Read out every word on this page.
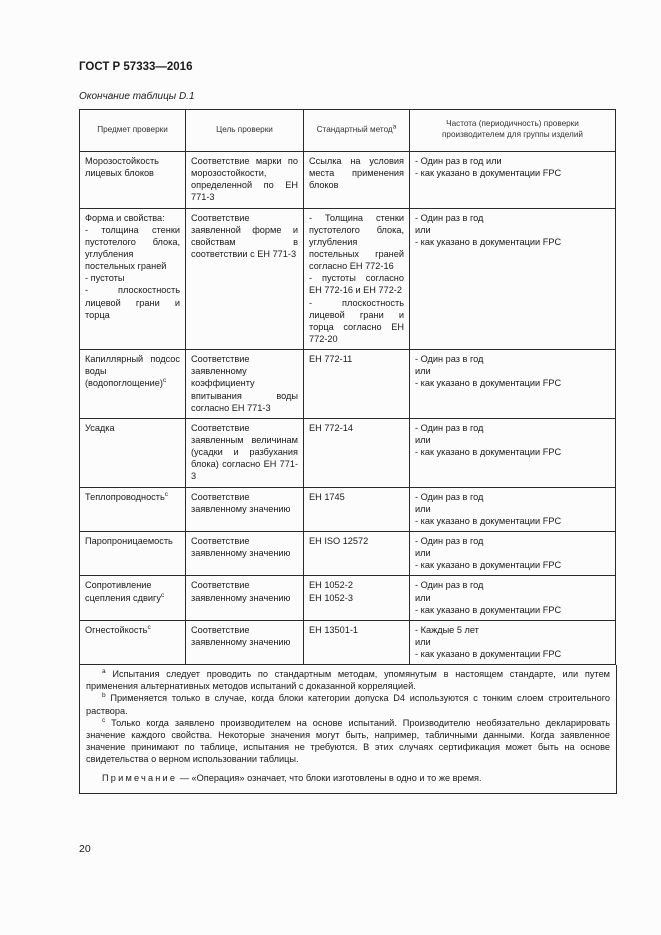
ГОСТ Р 57333—2016
Окончание таблицы D.1
Предмет проверки	Цель проверки	Стандартный метод$^a$	Частота (периодичность) проверки производителем для группы изделий
Морозостойкость лицевых блоков	Соответствие марки по морозостойкости, определенной по ЕН 771-3	Ссылка на условия места применения блоков	- Один раз в год или
- как указано в документации FPC

Форма и свойства:
- толщина стенки пустотелого блока, углубления постельных граней
- пустоты
- плоскостность лицевой грани и торца	Соответствие заявленной форме и свойствам в соответствии с ЕН 771-3	- Толщина стенки пустотелого блока, углубления постельных граней согласно ЕН 772-16
- пустоты согласно ЕН 772-16 и ЕН 772-2
- плоскостность лицевой грани и торца согласно ЕН 772-20	- Один раз в год
или
- как указано в документации FPC

Капиллярный подсос воды (водопоглощение)$^c$	Соответствие заявленному коэффициенту впитывания воды согласно ЕН 771-3	ЕН 772-11	- Один раз в год
или
- как указано в документации FPC

Усадка	Соответствие заявленным величинам (усадки и разбухания блока) согласно ЕН 771-3	ЕН 772-14	- Один раз в год
или
- как указано в документации FPC

Теплопроводность$^c$	Соответствие заявленному значению	ЕН 1745	- Один раз в год
или
- как указано в документации FPC

Паропроницаемость	Соответствие заявленному значению	ЕН ISO 12572	- Один раз в год
или
- как указано в документации FPC

Сопротивление сцепления сдвигу$^c$	Соответствие заявленному значению	ЕН 1052-2
ЕН 1052-3	- Один раз в год
или
- как указано в документации FPC

Огнестойкость$^c$	Соответствие заявленному значению	ЕН 13501-1	- Каждые 5 лет
или
- как указано в документации FPC

$^a$ Испытания следует проводить по стандартным методам, упомянутым в настоящем стандарте, или путем применения альтернативных методов испытаний с доказанной корреляцией.

$^b$ Применяется только в случае, когда блоки категории допуска D4 используются с тонким слоем строительного раствора.

$^c$ Только когда заявлено производителем на основе испытаний. Производителю необязательно декларировать значение каждого свойства. Некоторые значения могут быть, например, табличными данными. Когда заявленное значение принимают по таблице, испытания не требуются. В этих случаях сертификация может быть на основе свидетельства о верном использовании таблицы.

Примечание — «Операция» означает, что блоки изготовлены в одно и то же время.

20
